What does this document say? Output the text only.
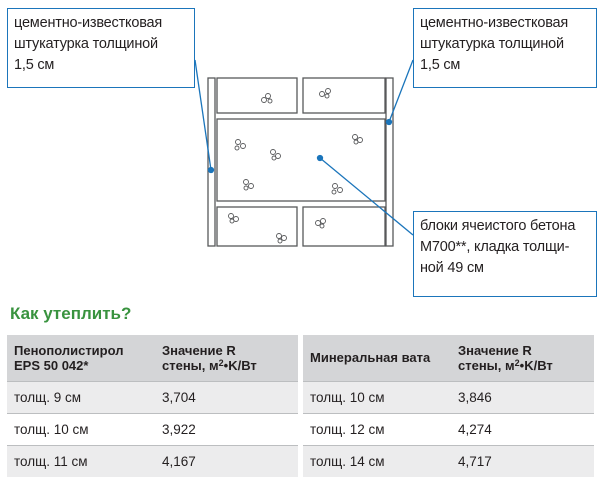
цементно-известковая
штукатурка толщиной
1,5 см
цементно-известковая
штукатурка толщиной
1,5 см
блоки ячеистого бетона
М700**, кладка толщи-
ной 49 см
Как утеплить?
Пенополистирол EPS 50 042*	Значение R
стены, $м^2•K/Вт$
толщ. 9 см	3,704
толщ. 10 см	3,922
толщ. 11 см	4,167
Минеральная вата	Значение R
стены, $м^2•K/Вт$
толщ. 10 см	3,846
толщ. 12 см	4,274
толщ. 14 см	4,717
